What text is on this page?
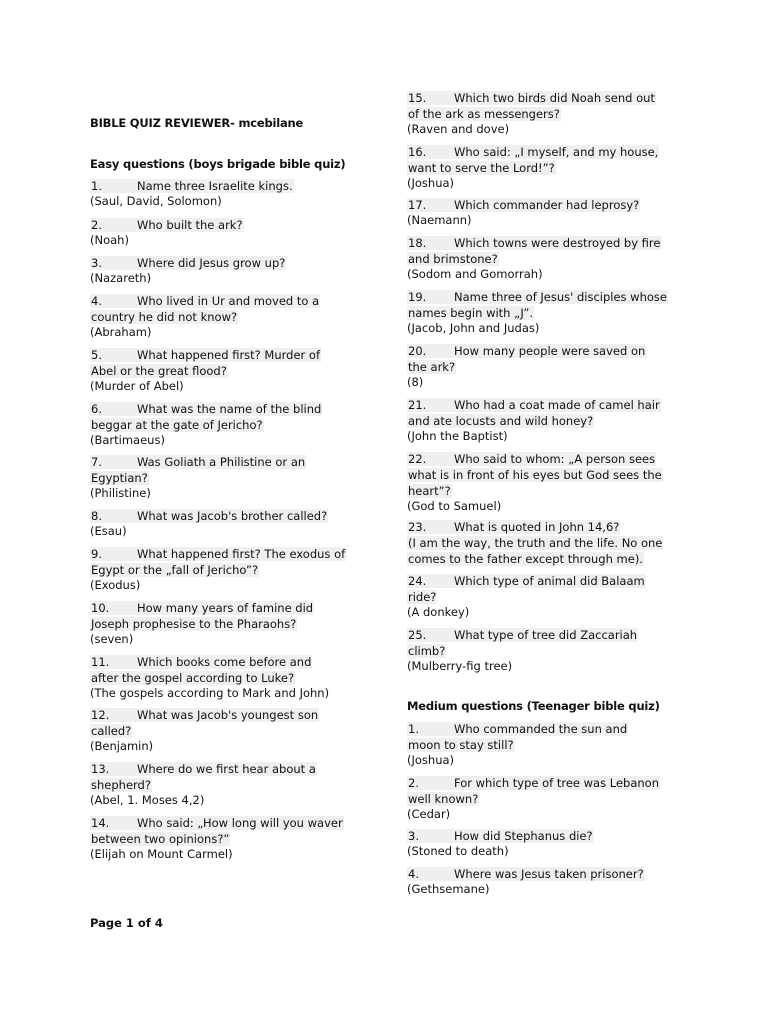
BIBLE QUIZ REVIEWER- mcebilane
Easy questions (boys brigade bible quiz)
1.	Name three Israelite kings.
(Saul, David, Solomon)
2.	Who built the ark?
(Noah)
3.	Where did Jesus grow up?
(Nazareth)
4.	Who lived in Ur and moved to a
country he did not know?
(Abraham)
5.	What happened first? Murder of
Abel or the great flood?
(Murder of Abel)
6.	What was the name of the blind
beggar at the gate of Jericho?
(Bartimaeus)
7.	Was Goliath a Philistine or an
Egyptian?
(Philistine)
8.	What was Jacob's brother called?
(Esau)
9.	What happened first? The exodus of
Egypt or the „fall of Jericho”?
(Exodus)
10. How many years of famine did
Joseph prophesise to the Pharaohs?
(seven)
11. Which books come before and
after the gospel according to Luke?
(The gospels according to Mark and John)
12. What was Jacob's youngest son
called?
(Benjamin)
13. Where do we first hear about a
shepherd?
(Abel, 1. Moses 4,2)
14. Who said: „How long will you waver
between two opinions?”
(Elijah on Mount Carmel)
15. Which two birds did Noah send out
of the ark as messengers?
(Raven and dove)
16. Who said: „I myself, and my house,
want to serve the Lord!”?
(Joshua)
17. Which commander had leprosy?
(Naemann)
18. Which towns were destroyed by fire
and brimstone?
(Sodom and Gomorrah)
19. Name three of Jesus' disciples whose
names begin with „J”.
(Jacob, John and Judas)
20. How many people were saved on
the ark?
(8)
21. Who had a coat made of camel hair
and ate locusts and wild honey?
(John the Baptist)
22. Who said to whom: „A person sees
what is in front of his eyes but God sees the
heart”?
(God to Samuel)
23. What is quoted in John 14,6?
(I am the way, the truth and the life. No one
comes to the father except through me).
24. Which type of animal did Balaam
ride?
(A donkey)
25. What type of tree did Zaccariah
climb?
(Mulberry-fig tree)
Medium questions (Teenager bible quiz)
1.	Who commanded the sun and
moon to stay still?
(Joshua)
2.	For which type of tree was Lebanon
well known?
(Cedar)
3.	How did Stephanus die?
(Stoned to death)
4.	Where was Jesus taken prisoner?
(Gethsemane)
Page 1 of 4
